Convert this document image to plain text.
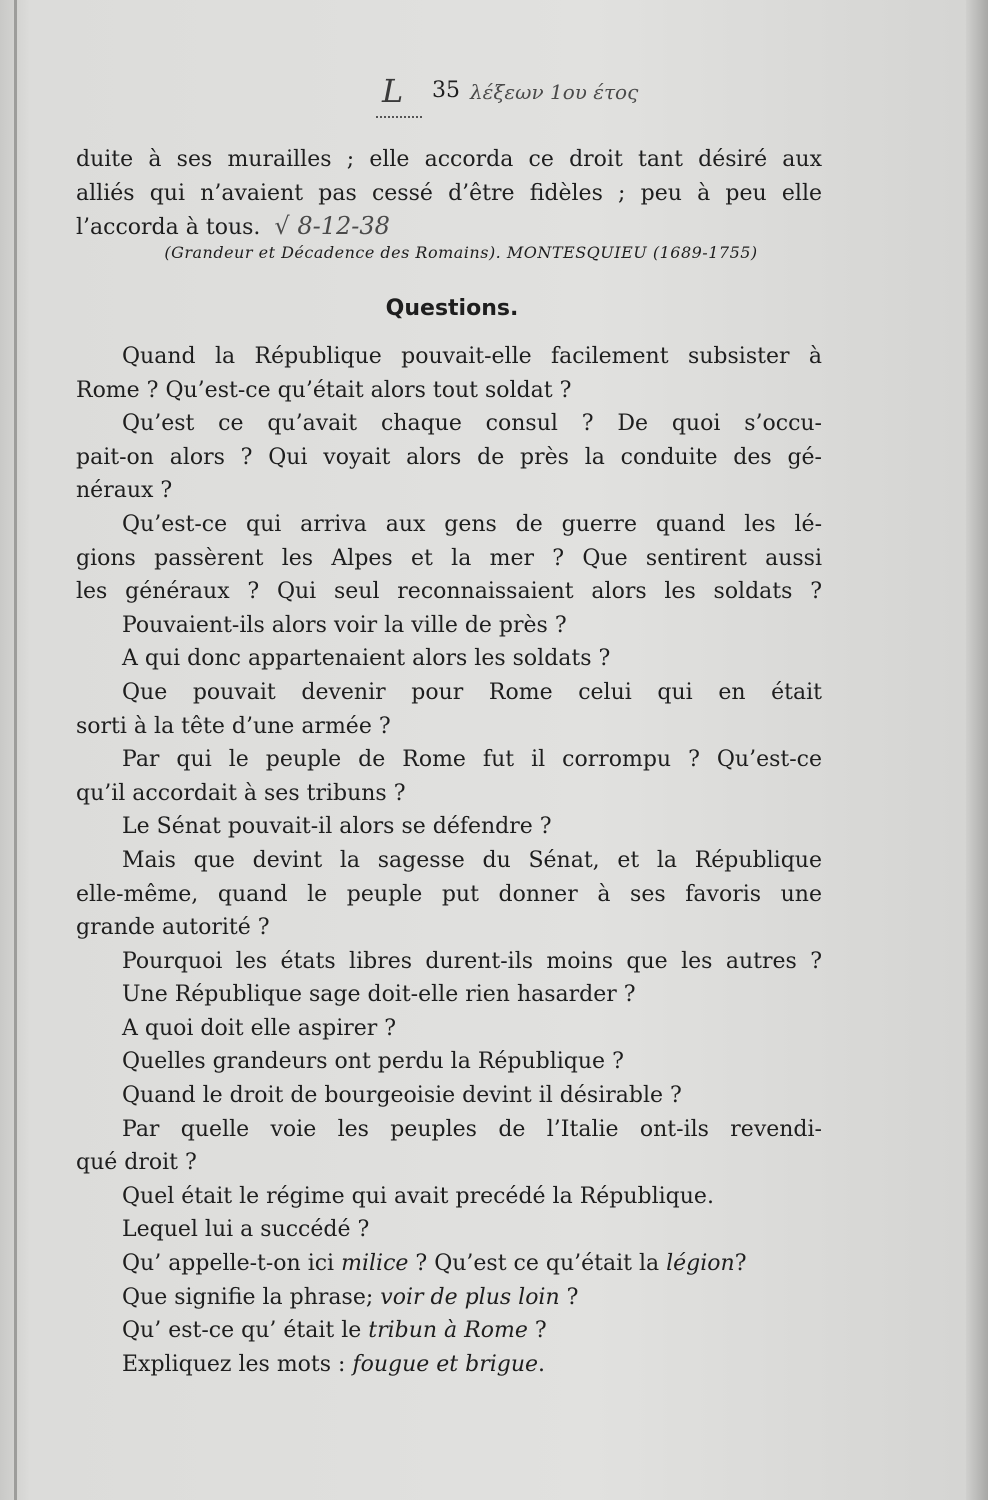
L 35 λέξεων 1ου έτος
duite à ses murailles ; elle accorda ce droit tant désiré aux
alliés qui n’avaient pas cessé d’être fidèles ; peu à peu elle
l’accorda à tous. √ 8-12-38
(Grandeur et Décadence des Romains). MONTESQUIEU (1689-1755)
Questions.
Quand la République pouvait-elle facilement subsister à
Rome ? Qu’est-ce qu’était alors tout soldat ?
Qu’est ce qu’avait chaque consul ? De quoi s’occu-
pait-on alors ? Qui voyait alors de près la conduite des gé-
néraux ?
Qu’est-ce qui arriva aux gens de guerre quand les lé-
gions passèrent les Alpes et la mer ? Que sentirent aussi
les généraux ? Qui seul reconnaissaient alors les soldats ?
Pouvaient-ils alors voir la ville de près ?
A qui donc appartenaient alors les soldats ?
Que pouvait devenir pour Rome celui qui en était
sorti à la tête d’une armée ?
Par qui le peuple de Rome fut il corrompu ? Qu’est-ce
qu’il accordait à ses tribuns ?
Le Sénat pouvait-il alors se défendre ?
Mais que devint la sagesse du Sénat, et la République
elle-même, quand le peuple put donner à ses favoris une
grande autorité ?
Pourquoi les états libres durent-ils moins que les autres ?
Une République sage doit-elle rien hasarder ?
A quoi doit elle aspirer ?
Quelles grandeurs ont perdu la République ?
Quand le droit de bourgeoisie devint il désirable ?
Par quelle voie les peuples de l’Italie ont-ils revendi-
qué droit ?
Quel était le régime qui avait precédé la République.
Lequel lui a succédé ?
Qu’ appelle-t-on ici milice ? Qu’est ce qu’était la légion?
Que signifie la phrase; voir de plus loin ?
Qu’ est-ce qu’ était le tribun à Rome ?
Expliquez les mots : fougue et brigue.
